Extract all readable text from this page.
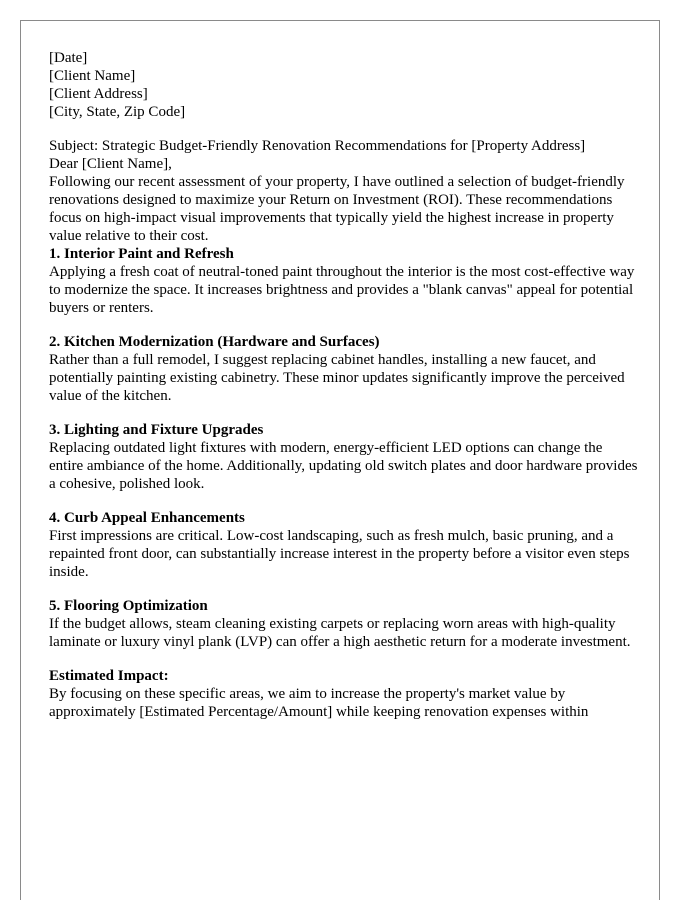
[Date]

[Client Name]

[Client Address]

[City, State, Zip Code]

Subject: Strategic Budget-Friendly Renovation Recommendations for [Property Address]

Dear [Client Name],

Following our recent assessment of your property, I have outlined a selection of budget-friendly renovations designed to maximize your Return on Investment (ROI). These recommendations focus on high-impact visual improvements that typically yield the highest increase in property value relative to their cost.

1. Interior Paint and Refresh

Applying a fresh coat of neutral-toned paint throughout the interior is the most cost-effective way to modernize the space. It increases brightness and provides a "blank canvas" appeal for potential buyers or renters.

2. Kitchen Modernization (Hardware and Surfaces)

Rather than a full remodel, I suggest replacing cabinet handles, installing a new faucet, and potentially painting existing cabinetry. These minor updates significantly improve the perceived value of the kitchen.

3. Lighting and Fixture Upgrades

Replacing outdated light fixtures with modern, energy-efficient LED options can change the entire ambiance of the home. Additionally, updating old switch plates and door hardware provides a cohesive, polished look.

4. Curb Appeal Enhancements

First impressions are critical. Low-cost landscaping, such as fresh mulch, basic pruning, and a repainted front door, can substantially increase interest in the property before a visitor even steps inside.

5. Flooring Optimization

If the budget allows, steam cleaning existing carpets or replacing worn areas with high-quality laminate or luxury vinyl plank (LVP) can offer a high aesthetic return for a moderate investment.

Estimated Impact:

By focusing on these specific areas, we aim to increase the property's market value by approximately [Estimated Percentage/Amount] while keeping renovation expenses within
